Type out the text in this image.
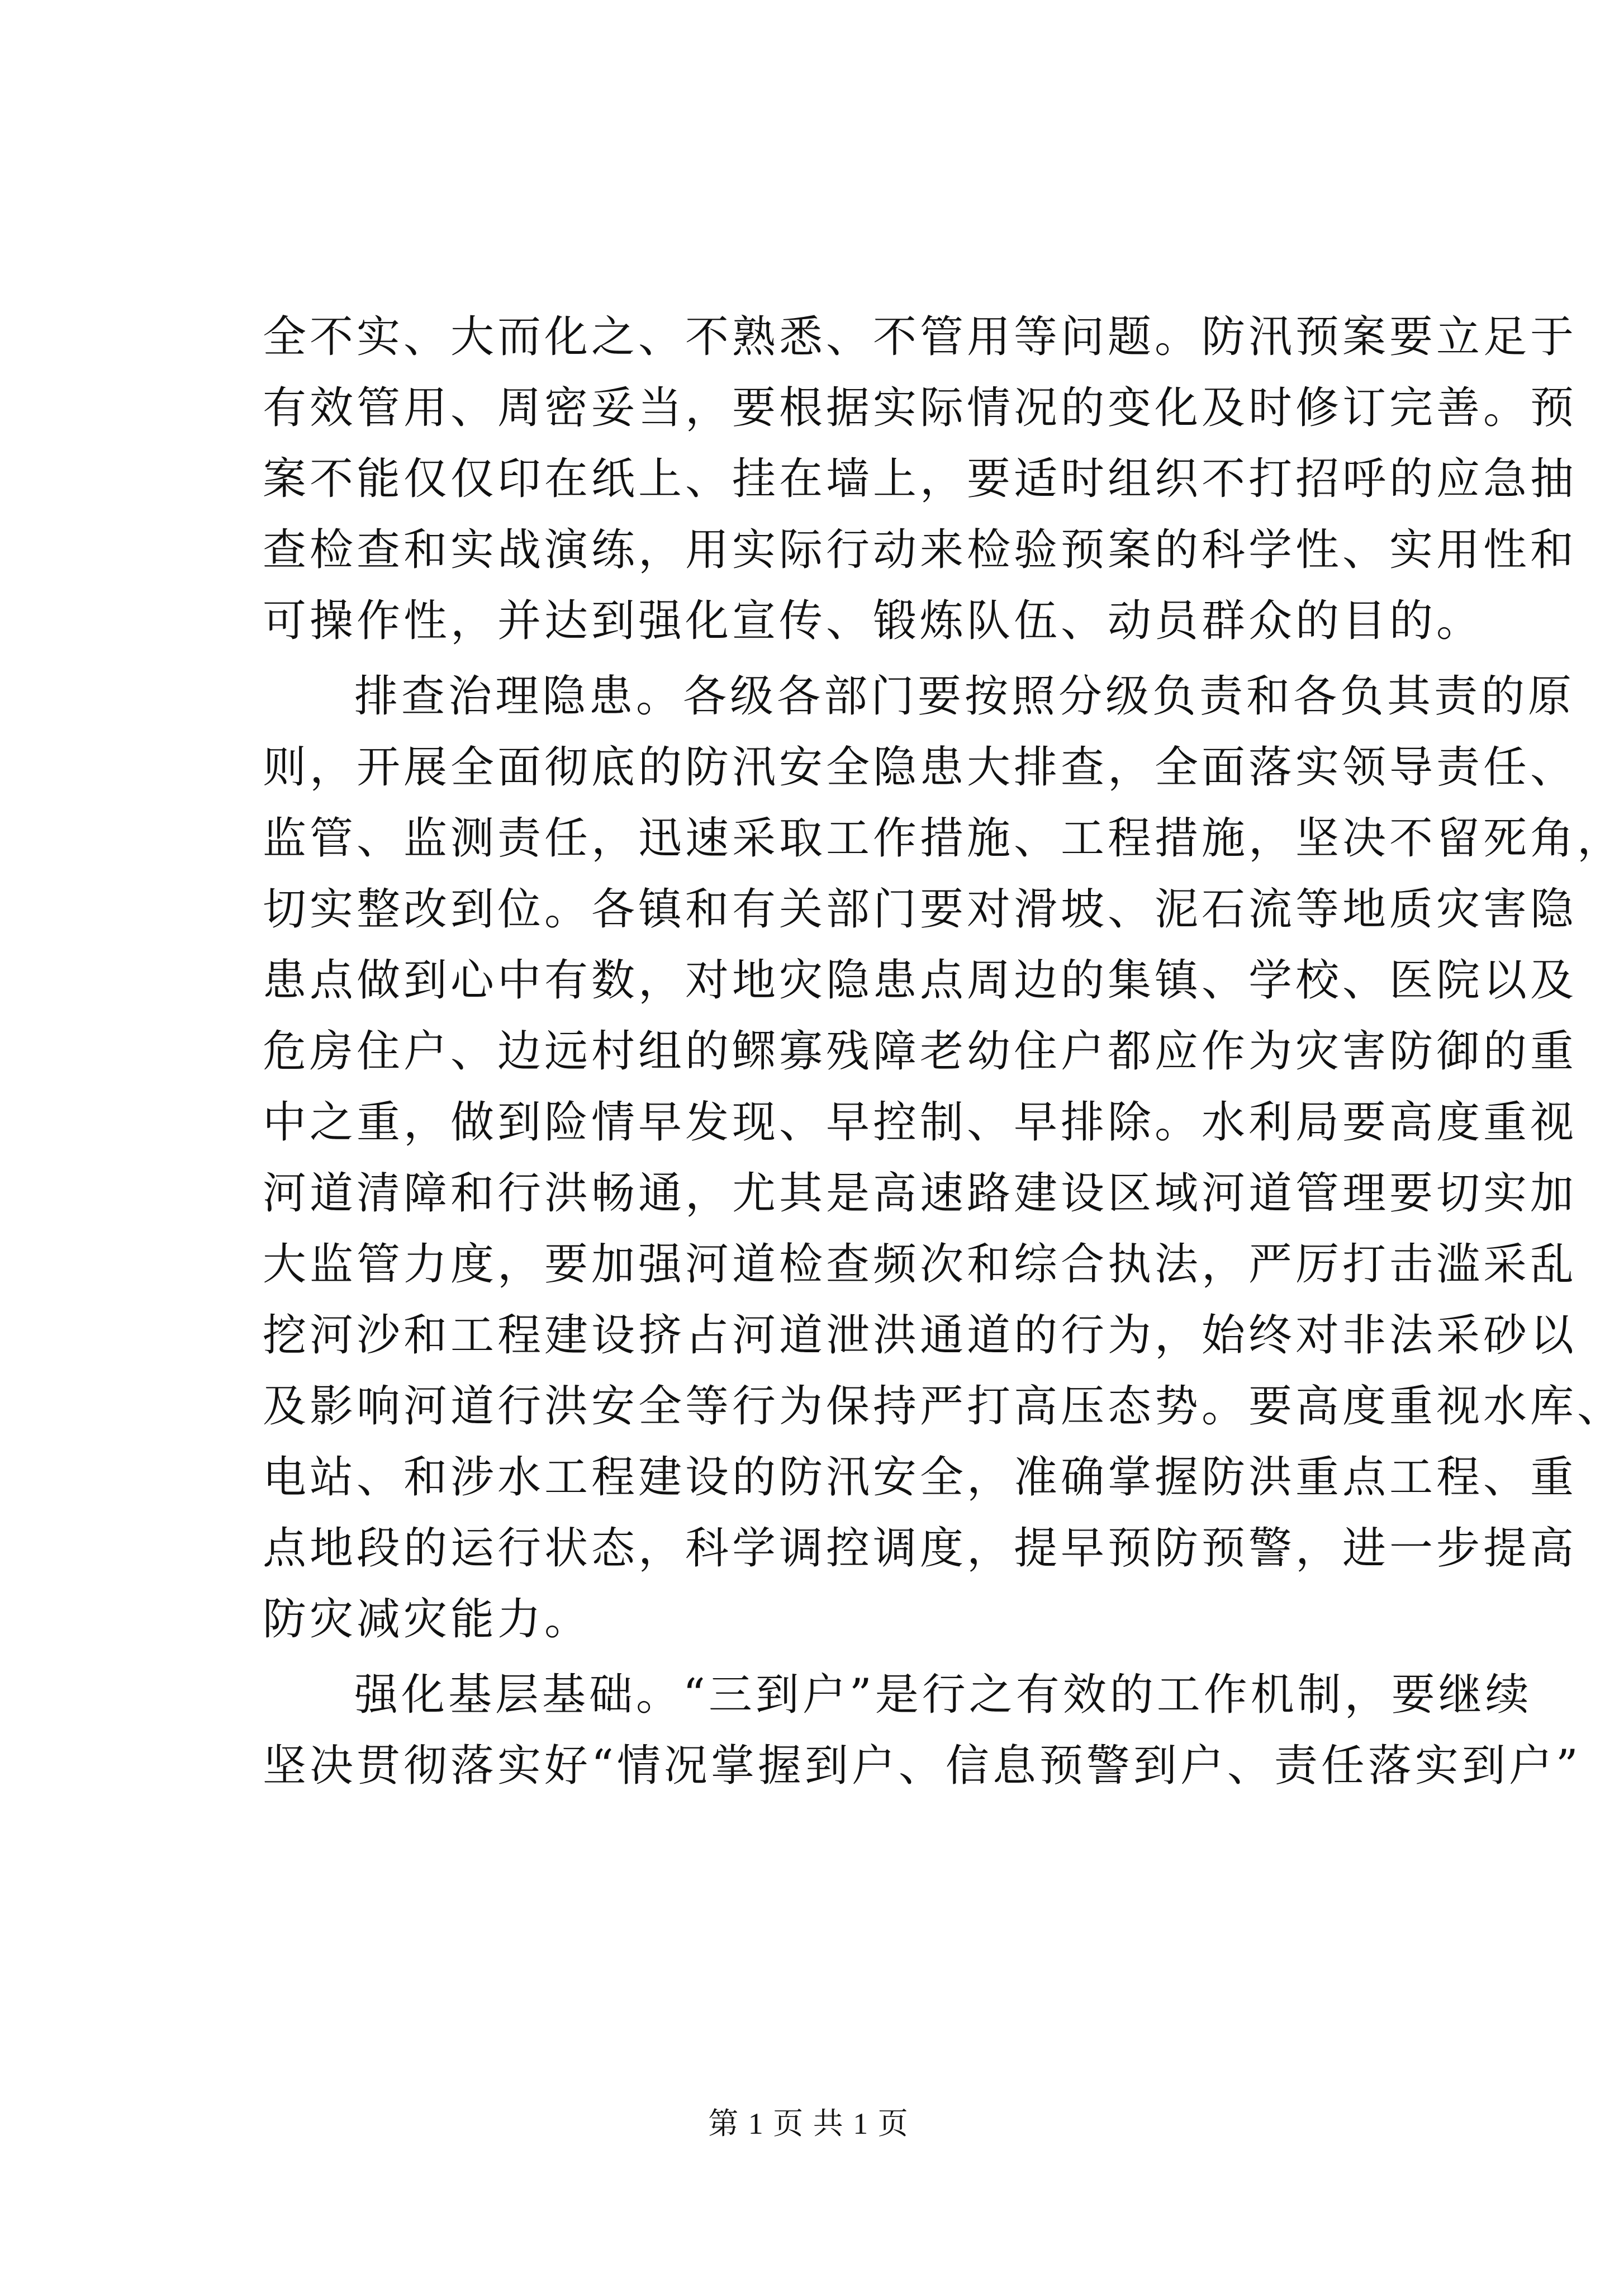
全不实、大而化之、不熟悉、不管用等问题。防汛预案要立足于
有效管用、周密妥当，要根据实际情况的变化及时修订完善。预
案不能仅仅印在纸上、挂在墙上，要适时组织不打招呼的应急抽
查检查和实战演练，用实际行动来检验预案的科学性、实用性和
可操作性，并达到强化宣传、锻炼队伍、动员群众的目的。
排查治理隐患。各级各部门要按照分级负责和各负其责的原
则，开展全面彻底的防汛安全隐患大排查，全面落实领导责任、
监管、监测责任，迅速采取工作措施、工程措施，坚决不留死角，
切实整改到位。各镇和有关部门要对滑坡、泥石流等地质灾害隐
患点做到心中有数，对地灾隐患点周边的集镇、学校、医院以及
危房住户、边远村组的鳏寡残障老幼住户都应作为灾害防御的重
中之重，做到险情早发现、早控制、早排除。水利局要高度重视
河道清障和行洪畅通，尤其是高速路建设区域河道管理要切实加
大监管力度，要加强河道检查频次和综合执法，严厉打击滥采乱
挖河沙和工程建设挤占河道泄洪通道的行为，始终对非法采砂以
及影响河道行洪安全等行为保持严打高压态势。要高度重视水库、
电站、和涉水工程建设的防汛安全，准确掌握防洪重点工程、重
点地段的运行状态，科学调控调度，提早预防预警，进一步提高
防灾减灾能力。
强化基层基础。“三到户”是行之有效的工作机制，要继续
坚决贯彻落实好“情况掌握到户、信息预警到户、责任落实到户”
第 1 页 共 1 页
